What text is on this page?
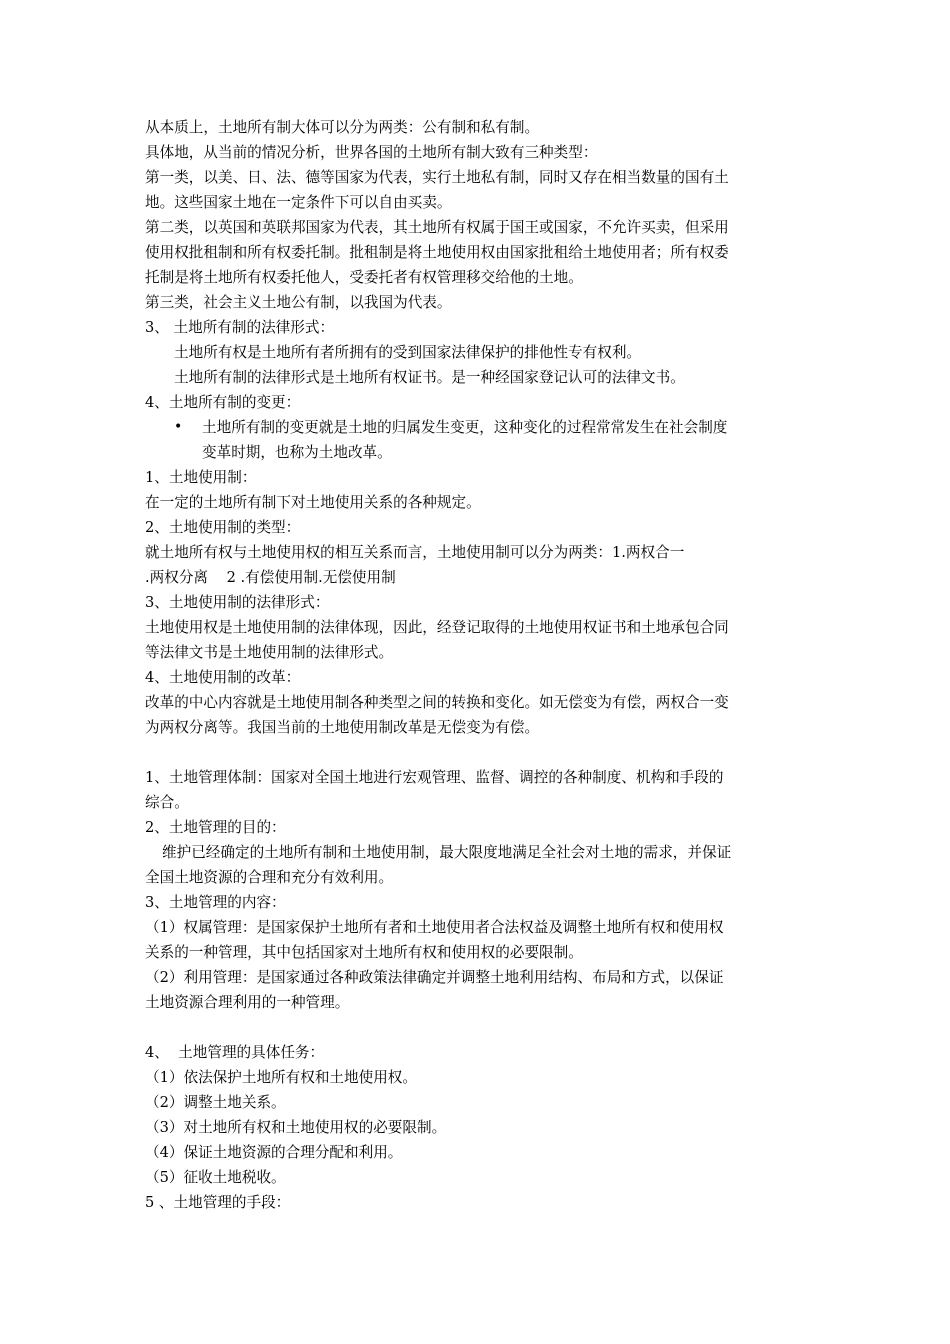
从本质上，土地所有制大体可以分为两类：公有制和私有制。
具体地，从当前的情况分析，世界各国的土地所有制大致有三种类型：
第一类，以美、日、法、德等国家为代表，实行土地私有制，同时又存在相当数量的国有土
地。这些国家土地在一定条件下可以自由买卖。
第二类，以英国和英联邦国家为代表，其土地所有权属于国王或国家，不允许买卖，但采用
使用权批租制和所有权委托制。批租制是将土地使用权由国家批租给土地使用者；所有权委
托制是将土地所有权委托他人，受委托者有权管理移交给他的土地。
第三类，社会主义土地公有制，以我国为代表。
3、 土地所有制的法律形式：
土地所有权是土地所有者所拥有的受到国家法律保护的排他性专有权利。
土地所有制的法律形式是土地所有权证书。是一种经国家登记认可的法律文书。
4、土地所有制的变更：
• 土地所有制的变更就是土地的归属发生变更，这种变化的过程常常发生在社会制度
变革时期，也称为土地改革。
1、土地使用制：
在一定的土地所有制下对土地使用关系的各种规定。
2、土地使用制的类型：
就土地所有权与土地使用权的相互关系而言，土地使用制可以分为两类：1.两权合一
.两权分离    2 .有偿使用制.无偿使用制
3、土地使用制的法律形式：
土地使用权是土地使用制的法律体现，因此，经登记取得的土地使用权证书和土地承包合同
等法律文书是土地使用制的法律形式。
4、土地使用制的改革：
改革的中心内容就是土地使用制各种类型之间的转换和变化。如无偿变为有偿，两权合一变
为两权分离等。我国当前的土地使用制改革是无偿变为有偿。
1、土地管理体制：国家对全国土地进行宏观管理、监督、调控的各种制度、机构和手段的
综合。
2、土地管理的目的：
维护已经确定的土地所有制和土地使用制，最大限度地满足全社会对土地的需求，并保证
全国土地资源的合理和充分有效利用。
3、土地管理的内容：
（1）权属管理：是国家保护土地所有者和土地使用者合法权益及调整土地所有权和使用权
关系的一种管理，其中包括国家对土地所有权和使用权的必要限制。
（2）利用管理：是国家通过各种政策法律确定并调整土地利用结构、布局和方式，以保证
土地资源合理利用的一种管理。
4、  土地管理的具体任务：
（1）依法保护土地所有权和土地使用权。
（2）调整土地关系。
（3）对土地所有权和土地使用权的必要限制。
（4）保证土地资源的合理分配和利用。
（5）征收土地税收。
5 、土地管理的手段：
